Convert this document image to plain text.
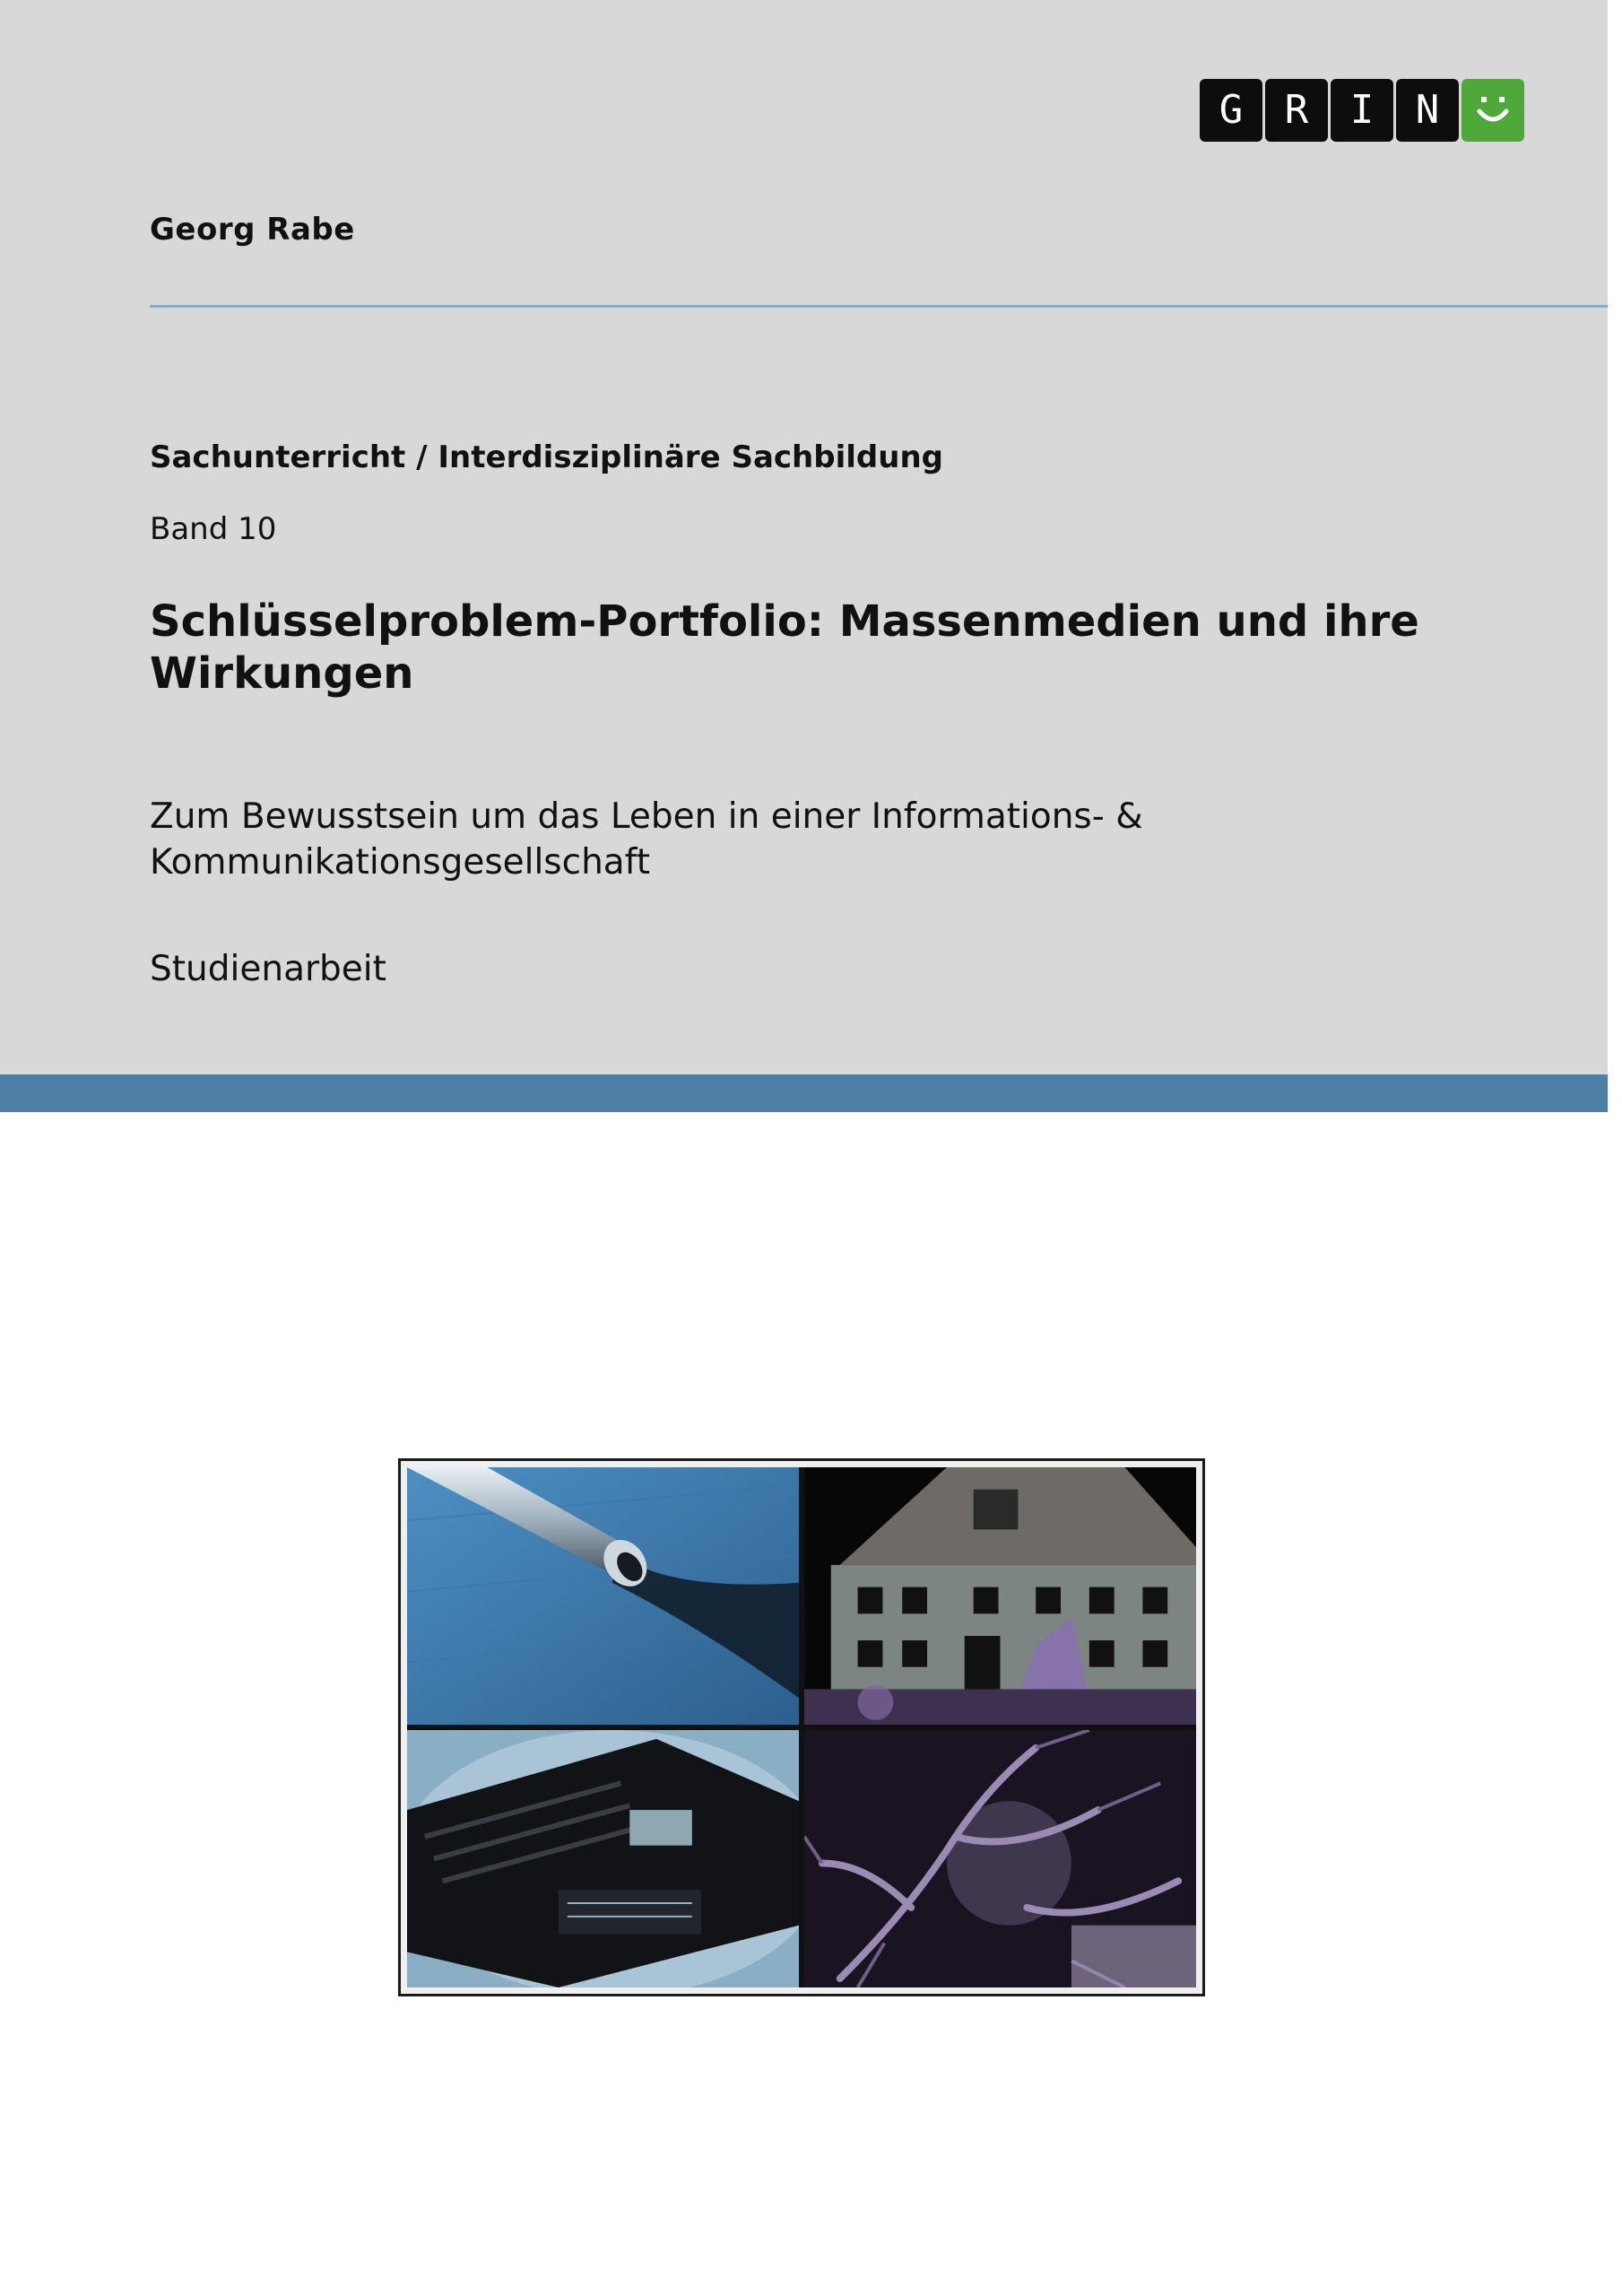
G	R	I	N
Georg Rabe
Sachunterricht / Interdisziplinäre Sachbildung
Band 10
Schlüsselproblem-Portfolio: Massenmedien und ihre Wirkungen
Zum Bewusstsein um das Leben in einer Informations- & Kommunikationsgesellschaft
Studienarbeit
